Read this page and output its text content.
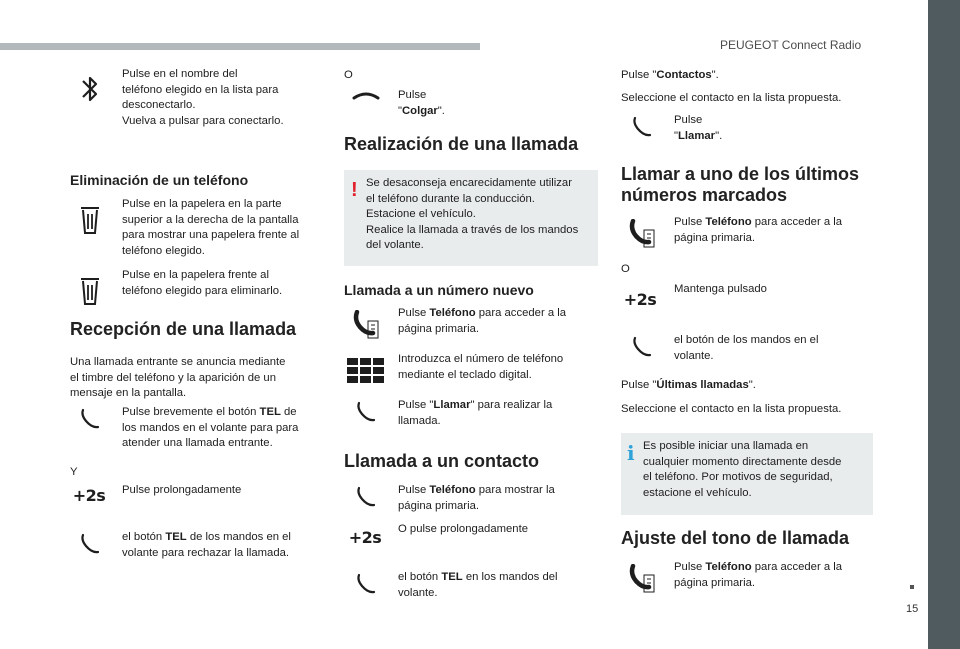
PEUGEOT Connect Radio
Pulse en el nombre del
teléfono elegido en la lista para
desconectarlo.
Vuelva a pulsar para conectarlo.
Eliminación de un teléfono
Pulse en la papelera en la parte
superior a la derecha de la pantalla
para mostrar una papelera frente al
teléfono elegido.
Pulse en la papelera frente al
teléfono elegido para eliminarlo.
Recepción de una llamada
Una llamada entrante se anuncia mediante
el timbre del teléfono y la aparición de un
mensaje en la pantalla.
Pulse brevemente el botón TEL de
los mandos en el volante para para
atender una llamada entrante.
Y
+2s Pulse prolongadamente
el botón TEL de los mandos en el
volante para rechazar la llamada.
O
Pulse "Colgar".
Realización de una llamada
! Se desaconseja encarecidamente utilizar
el teléfono durante la conducción.
Estacione el vehículo.
Realice la llamada a través de los mandos
del volante.
Llamada a un número nuevo
Pulse Teléfono para acceder a la
página primaria.
Introduzca el número de teléfono
mediante el teclado digital.
Pulse "Llamar" para realizar la
llamada.
Llamada a un contacto
Pulse Teléfono para mostrar la
página primaria.
+2s O pulse prolongadamente
el botón TEL en los mandos del
volante.
Pulse "Contactos".
Seleccione el contacto en la lista propuesta.
Pulse "Llamar".
Llamar a uno de los últimos
números marcados
Pulse Teléfono para acceder a la
página primaria.
O
+2s
Mantenga pulsado
el botón de los mandos en el
volante.
Pulse "Últimas llamadas".
Seleccione el contacto en la lista propuesta.
i Es posible iniciar una llamada en
cualquier momento directamente desde
el teléfono. Por motivos de seguridad,
estacione el vehículo.
Ajuste del tono de llamada
Pulse Teléfono para acceder a la
página primaria.
15
